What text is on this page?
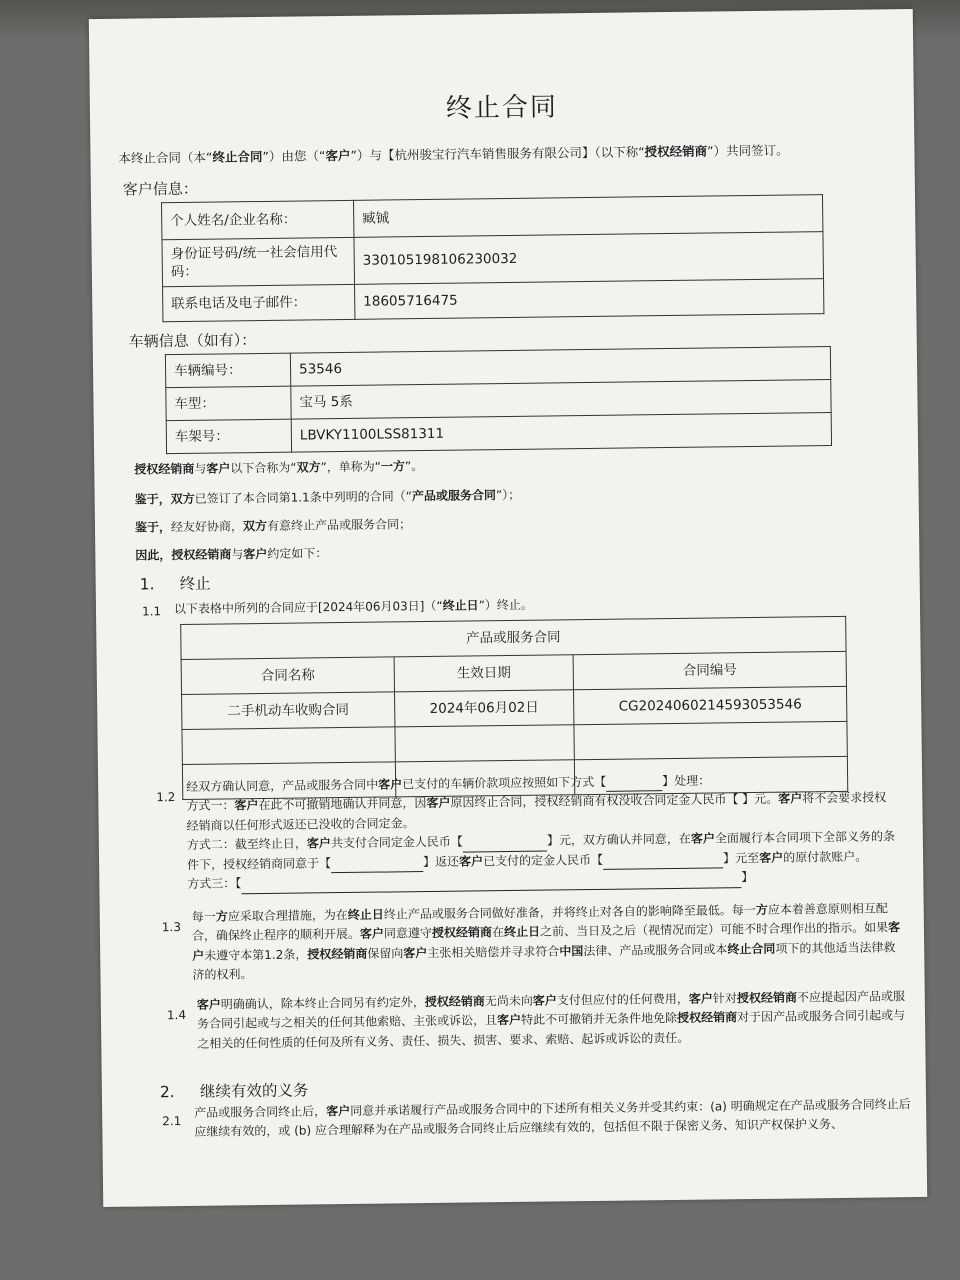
终止合同
本终止合同（本“终止合同”）由您（“客户”）与【杭州骏宝行汽车销售服务有限公司】（以下称“授权经销商”）共同签订。
客户信息：
个人姓名/企业名称：	臧铖
身份证号码/统一社会信用代码：	330105198106230032
联系电话及电子邮件：	18605716475
车辆信息（如有）：
车辆编号：	53546
车型：	宝马 5系
车架号：	LBVKY1100LSS81311
授权经销商与客户以下合称为“双方”，单称为“一方”。
鉴于，双方已签订了本合同第1.1条中列明的合同（“产品或服务合同”）；
鉴于，经友好协商，双方有意终止产品或服务合同；
因此，授权经销商与客户约定如下：
1. 终止
1.1 以下表格中所列的合同应于[2024年06月03日]（“终止日”）终止。
产品或服务合同		
合同名称	生效日期	合同编号
二手机动车收购合同	2024年06月02日	CG2024060214593053546

1.2
经双方确认同意，产品或服务合同中客户已支付的车辆价款项应按照如下方式【	】处理：
方式一：客户在此不可撤销地确认并同意，因客户原因终止合同，授权经销商有权没收合同定金人民币【 】元。客户将不会要求授权经销商以任何形式返还已没收的合同定金。
方式二：截至终止日，客户共支付合同定金人民币【	】元，双方确认并同意，在客户全面履行本合同项下全部义务的条件下，授权经销商同意于【	】返还客户已支付的定金人民币【	】元至客户的原付款账户。
方式三：【	】
1.3
每一方应采取合理措施，为在终止日终止产品或服务合同做好准备，并将终止对各自的影响降至最低。每一方应本着善意原则相互配合，确保终止程序的顺利开展。客户同意遵守授权经销商在终止日之前、当日及之后（视情况而定）可能不时合理作出的指示。如果客户未遵守本第1.2条，授权经销商保留向客户主张相关赔偿并寻求符合中国法律、产品或服务合同或本终止合同项下的其他适当法律救济的权利。
1.4
客户明确确认，除本终止合同另有约定外，授权经销商无尚未向客户支付但应付的任何费用，客户针对授权经销商不应提起因产品或服务合同引起或与之相关的任何其他索赔、主张或诉讼，且客户特此不可撤销并无条件地免除授权经销商对于因产品或服务合同引起或与之相关的任何性质的任何及所有义务、责任、损失、损害、要求、索赔、起诉或诉讼的责任。
2. 继续有效的义务
2.1
产品或服务合同终止后，客户同意并承诺履行产品或服务合同中的下述所有相关义务并受其约束：(a) 明确规定在产品或服务合同终止后应继续有效的，或 (b) 应合理解释为在产品或服务合同终止后应继续有效的，包括但不限于保密义务、知识产权保护义务、
